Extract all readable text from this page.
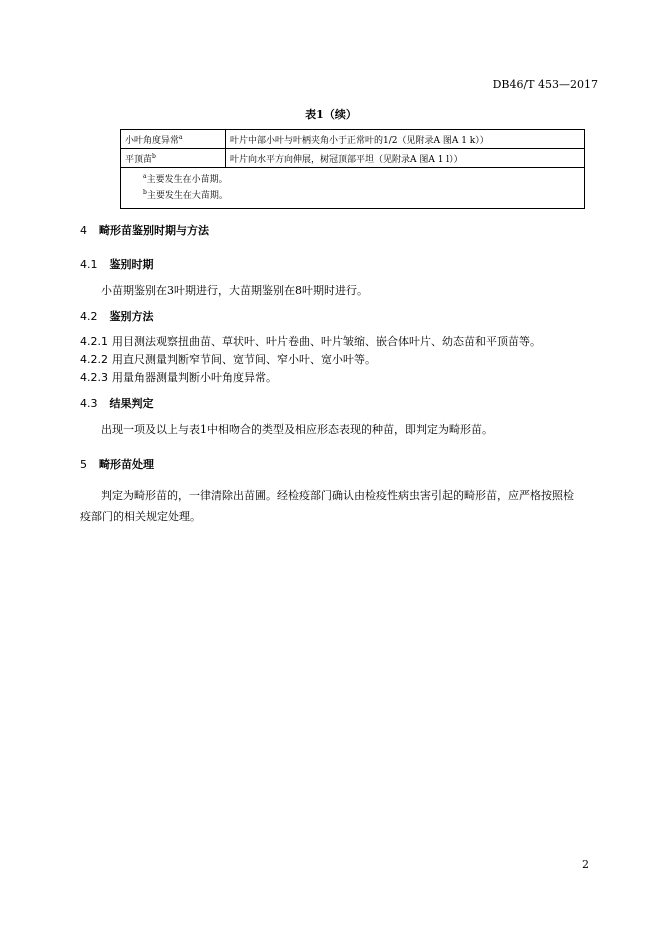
DB46/T 453—2017
表1（续）
小叶角度异常$^a$	叶片中部小叶与叶柄夹角小于正常叶的1/2（见附录A 图A 1 k））
平顶苗$^b$	叶片向水平方向伸展，树冠顶部平坦（见附录A 图A 1 l））

$^a$主要发生在小苗期。
$^b$主要发生在大苗期。	
4 畸形苗鉴别时期与方法
4.1 鉴别时期
小苗期鉴别在3叶期进行，大苗期鉴别在8叶期时进行。
4.2 鉴别方法
4.2.1 用目测法观察扭曲苗、草状叶、叶片卷曲、叶片皱缩、嵌合体叶片、幼态苗和平顶苗等。
4.2.2 用直尺测量判断窄节间、宽节间、窄小叶、宽小叶等。
4.2.3 用量角器测量判断小叶角度异常。
4.3 结果判定
出现一项及以上与表1中相吻合的类型及相应形态表现的种苗，即判定为畸形苗。
5 畸形苗处理
判定为畸形苗的，一律清除出苗圃。经检疫部门确认由检疫性病虫害引起的畸形苗，应严格按照检疫部门的相关规定处理。
2
